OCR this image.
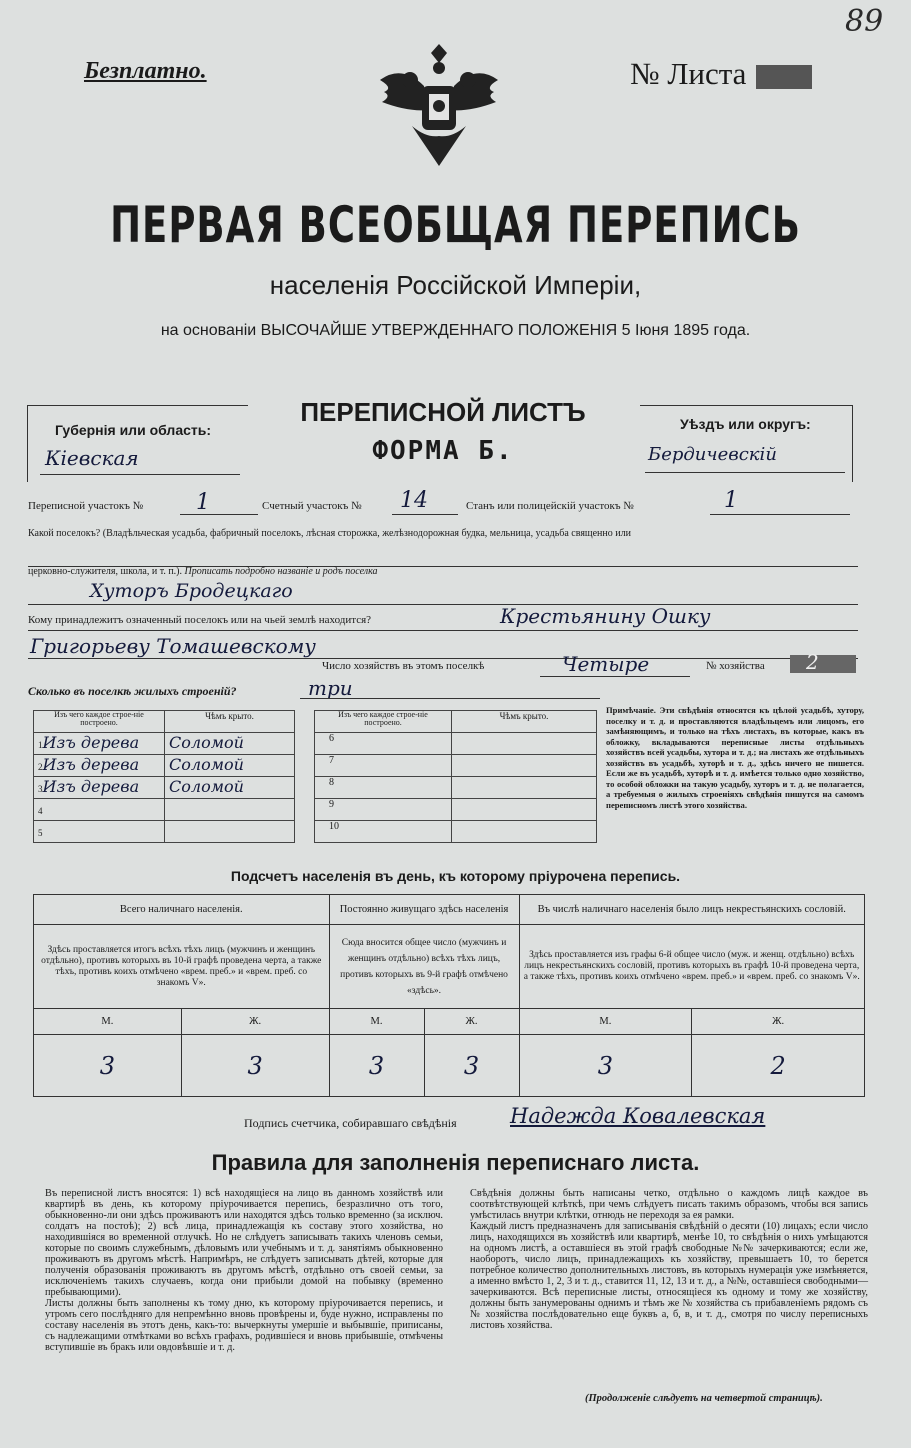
89
Безплатно.	№ Листа
ПЕРВАЯ ВСЕОБЩАЯ ПЕРЕПИСЬ
населенія Россійской Имперіи,
на основаніи ВЫСОЧАЙШЕ УТВЕРЖДЕННАГО ПОЛОЖЕНІЯ 5 Іюня 1895 года.
Губернія или область:
Кіевская
ПЕРЕПИСНОЙ ЛИСТЪ
ФОРМА Б.
Уѣздъ или округъ:
Бердичевскій
Переписной участокъ № 1	Счетный участокъ № 14	Станъ или полицейскій участокъ №	1
Какой поселокъ? (Владѣльческая усадьба, фабричный поселокъ, лѣсная сторожка, желѣзнодорожная будка, мельница, усадьба священно или
церковно-служителя, школа, и т. п.). Прописать подробно названіе и родъ поселка
Хуторъ Бродецкаго
Кому принадлежитъ означенный поселокъ или на чьей землѣ находится?	Крестьянину Ошку
Григорьеву Томашевскому
Число хозяйствъ въ этомъ поселкѣ	Четыре	№ хозяйства 2
Сколько въ поселкѣ жилыхъ строеній?	три
Изъ чего каждое строе-ніе построено.	Чѣмъ крыто.
1Изъ дерева	Соломой
2Изъ дерева	Соломой
3Изъ дерева	Соломой
4	
5	
Изъ чего каждое строе-ніе построено.	Чѣмъ крыто.
6	
7	
8	
9	
10	
Примѣчаніе. Эти свѣдѣнія относятся къ цѣлой усадьбѣ, хутору, поселку и т. д. и проставляются владѣльцемъ или лицомъ, его замѣняющимъ, и только на тѣхъ листахъ, въ которые, какъ въ обложку, вкладываются переписные листы отдѣльныхъ хозяйствъ всей усадьбы, хутора и т. д.; на листахъ же отдѣльныхъ хозяйствъ въ усадьбѣ, хуторѣ и т. д., здѣсь ничего не пишется. Если же въ усадьбѣ, хуторѣ и т. д. имѣется только одно хозяйство, то особой обложки на такую усадьбу, хуторъ и т. д. не полагается, а требуемыя о жилыхъ строеніяхъ свѣдѣнія пишутся на самомъ переписномъ листѣ этого хозяйства.
Подсчетъ населенія въ день, къ которому пріурочена перепись.
Всего наличнаго населенія.		Постоянно живущаго здѣсь населенія		Въ числѣ наличнаго населенія было лицъ некрестьянскихъ сословій.	
Здѣсь проставляется итогъ всѣхъ тѣхъ лицъ (мужчинъ и женщинъ отдѣльно), противъ которыхъ въ 10-й графѣ проведена черта, а также тѣхъ, противъ коихъ отмѣчено «врем. преб.» и «врем. преб. со знакомъ V».		Сюда вносится общее число (мужчинъ и женщинъ отдѣльно) всѣхъ тѣхъ лицъ, противъ которыхъ въ 9-й графѣ отмѣчено «здѣсь».		Здѣсь проставляется изъ графы 6-й общее число (муж. и женщ. отдѣльно) всѣхъ лицъ некрестьянскихъ сословій, противъ которыхъ въ графѣ 10-й проведена черта, а также тѣхъ, противъ коихъ отмѣчено «врем. преб.» и «врем. преб. со знакомъ V».	
М.	Ж.	М.	Ж.	М.	Ж.
3	3	3	3	3	2
Подпись счетчика, собиравшаго свѣдѣнія	Надежда Ковалевская
Правила для заполненія переписнаго листа.
Въ переписной листъ вносятся: 1) всѣ находящіеся на лицо въ данномъ хозяйствѣ или квартирѣ въ день, къ которому пріурочивается перепись, безразлично отъ того, обыкновенно-ли они здѣсь проживаютъ или находятся здѣсь только временно (за исключ. солдатъ на постоѣ); 2) всѣ лица, принадлежащія къ составу этого хозяйства, но находившіяся во временной отлучкѣ. Но не слѣдуетъ записывать такихъ членовъ семьи, которые по своимъ служебнымъ, дѣловымъ или учебнымъ и т. д. занятіямъ обыкновенно проживаютъ въ другомъ мѣстѣ. Напримѣръ, не слѣдуетъ записывать дѣтей, которые для полученія образованія проживаютъ въ другомъ мѣстѣ, отдѣльно отъ своей семьи, за исключеніемъ такихъ случаевъ, когда они прибыли домой на побывку (временно пребывающими).
Листы должны быть заполнены къ тому дню, къ которому пріурочивается перепись, и утромъ сего послѣдняго для непремѣнно вновь провѣрены и, буде нужно, исправлены по составу населенія въ этотъ день, какъ-то: вычеркнуты умершіе и выбывшіе, приписаны, съ надлежащими отмѣтками во всѣхъ графахъ, родившіеся и вновь прибывшіе, отмѣчены вступившіе въ бракъ или овдовѣвшіе и т. д.
Свѣдѣнія должны быть написаны четко, отдѣльно о каждомъ лицѣ каждое въ соотвѣтствующей клѣткѣ, при чемъ слѣдуетъ писать такимъ образомъ, чтобы вся запись умѣстилась внутри клѣтки, отнюдь не переходя за ея рамки.
Каждый листъ предназначенъ для записыванія свѣдѣній о десяти (10) лицахъ; если число лицъ, находящихся въ хозяйствѣ или квартирѣ, менѣе 10, то свѣдѣнія о нихъ умѣщаются на одномъ листѣ, а оставшіеся въ этой графѣ свободные №№ зачеркиваются; если же, наоборотъ, число лицъ, принадлежащихъ къ хозяйству, превышаетъ 10, то берется потребное количество дополнительныхъ листовъ, въ которыхъ нумерація уже измѣняется, а именно вмѣсто 1, 2, 3 и т. д., ставится 11, 12, 13 и т. д., а №№, оставшіеся свободными—зачеркиваются. Всѣ переписные листы, относящіеся къ одному и тому же хозяйству, должны быть занумерованы однимъ и тѣмъ же № хозяйства съ прибавленіемъ рядомъ съ № хозяйства послѣдовательно еще буквъ а, б, в, и т. д., смотря по числу переписныхъ листовъ хозяйства.
(Продолженіе слѣдуетъ на четвертой страницѣ).
